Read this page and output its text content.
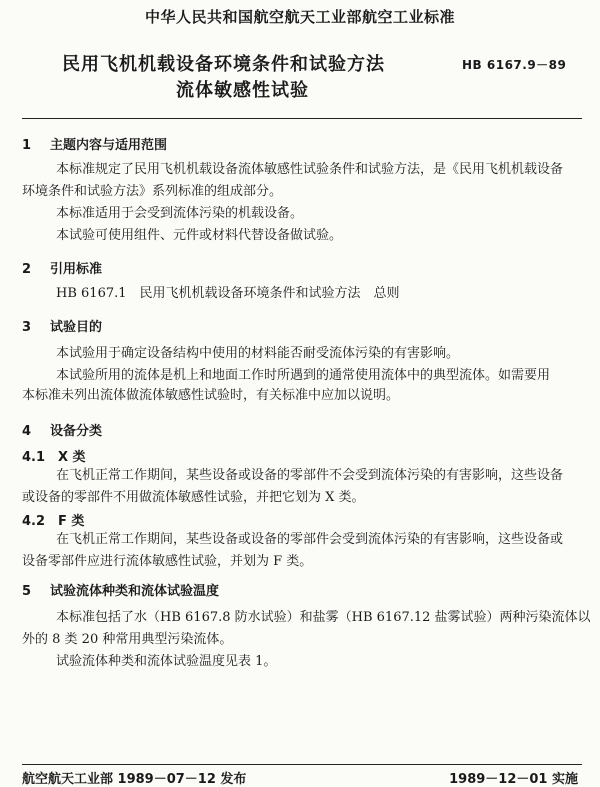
中华人民共和国航空航天工业部航空工业标准
民用飞机机载设备环境条件和试验方法
流体敏感性试验
HB 6167.9－89
1 主题内容与适用范围
本标准规定了民用飞机机载设备流体敏感性试验条件和试验方法，是《民用飞机机载设备
环境条件和试验方法》系列标准的组成部分。
本标准适用于会受到流体污染的机载设备。
本试验可使用组件、元件或材料代替设备做试验。
2 引用标准
HB 6167.1　民用飞机机载设备环境条件和试验方法　总则
3 试验目的
本试验用于确定设备结构中使用的材料能否耐受流体污染的有害影响。
本试验所用的流体是机上和地面工作时所遇到的通常使用流体中的典型流体。如需要用
本标准未列出流体做流体敏感性试验时，有关标准中应加以说明。
4 设备分类
4.1 X 类
在飞机正常工作期间，某些设备或设备的零部件不会受到流体污染的有害影响，这些设备
或设备的零部件不用做流体敏感性试验，并把它划为 X 类。
4.2 F 类
在飞机正常工作期间，某些设备或设备的零部件会受到流体污染的有害影响，这些设备或
设备零部件应进行流体敏感性试验，并划为 F 类。
5 试验流体种类和流体试验温度
本标准包括了水（HB 6167.8 防水试验）和盐雾（HB 6167.12 盐雾试验）两种污染流体以
外的 8 类 20 种常用典型污染流体。
试验流体种类和流体试验温度见表 1。
航空航天工业部 1989－07－12 发布	1989－12－01 实施
